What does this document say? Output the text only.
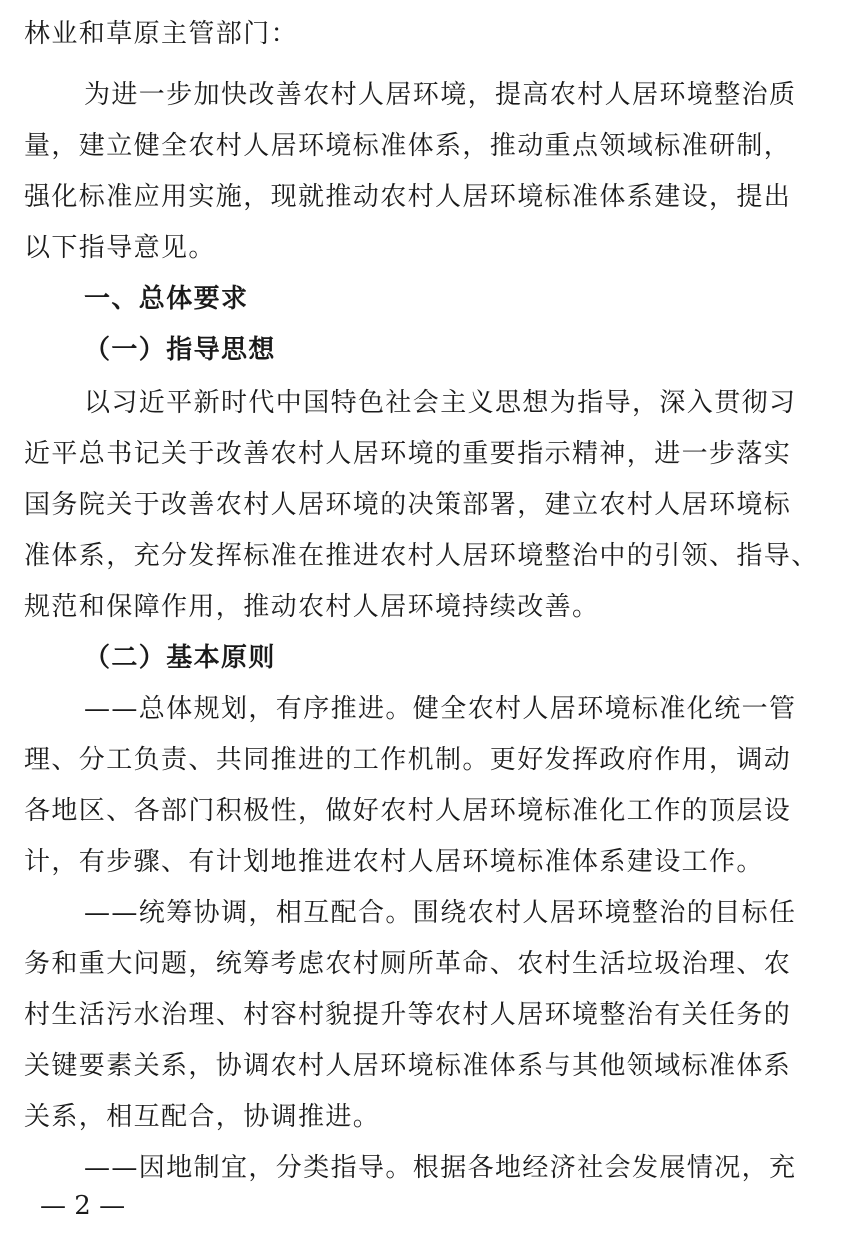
林业和草原主管部门：
为进一步加快改善农村人居环境，提高农村人居环境整治质
量，建立健全农村人居环境标准体系，推动重点领域标准研制，
强化标准应用实施，现就推动农村人居环境标准体系建设，提出
以下指导意见。
一、总体要求
（一）指导思想
以习近平新时代中国特色社会主义思想为指导，深入贯彻习
近平总书记关于改善农村人居环境的重要指示精神，进一步落实
国务院关于改善农村人居环境的决策部署，建立农村人居环境标
准体系，充分发挥标准在推进农村人居环境整治中的引领、指导、
规范和保障作用，推动农村人居环境持续改善。
（二）基本原则
——总体规划，有序推进。健全农村人居环境标准化统一管
理、分工负责、共同推进的工作机制。更好发挥政府作用，调动
各地区、各部门积极性，做好农村人居环境标准化工作的顶层设
计，有步骤、有计划地推进农村人居环境标准体系建设工作。
——统筹协调，相互配合。围绕农村人居环境整治的目标任
务和重大问题，统筹考虑农村厕所革命、农村生活垃圾治理、农
村生活污水治理、村容村貌提升等农村人居环境整治有关任务的
关键要素关系，协调农村人居环境标准体系与其他领域标准体系
关系，相互配合，协调推进。
——因地制宜，分类指导。根据各地经济社会发展情况，充
— 2 —
